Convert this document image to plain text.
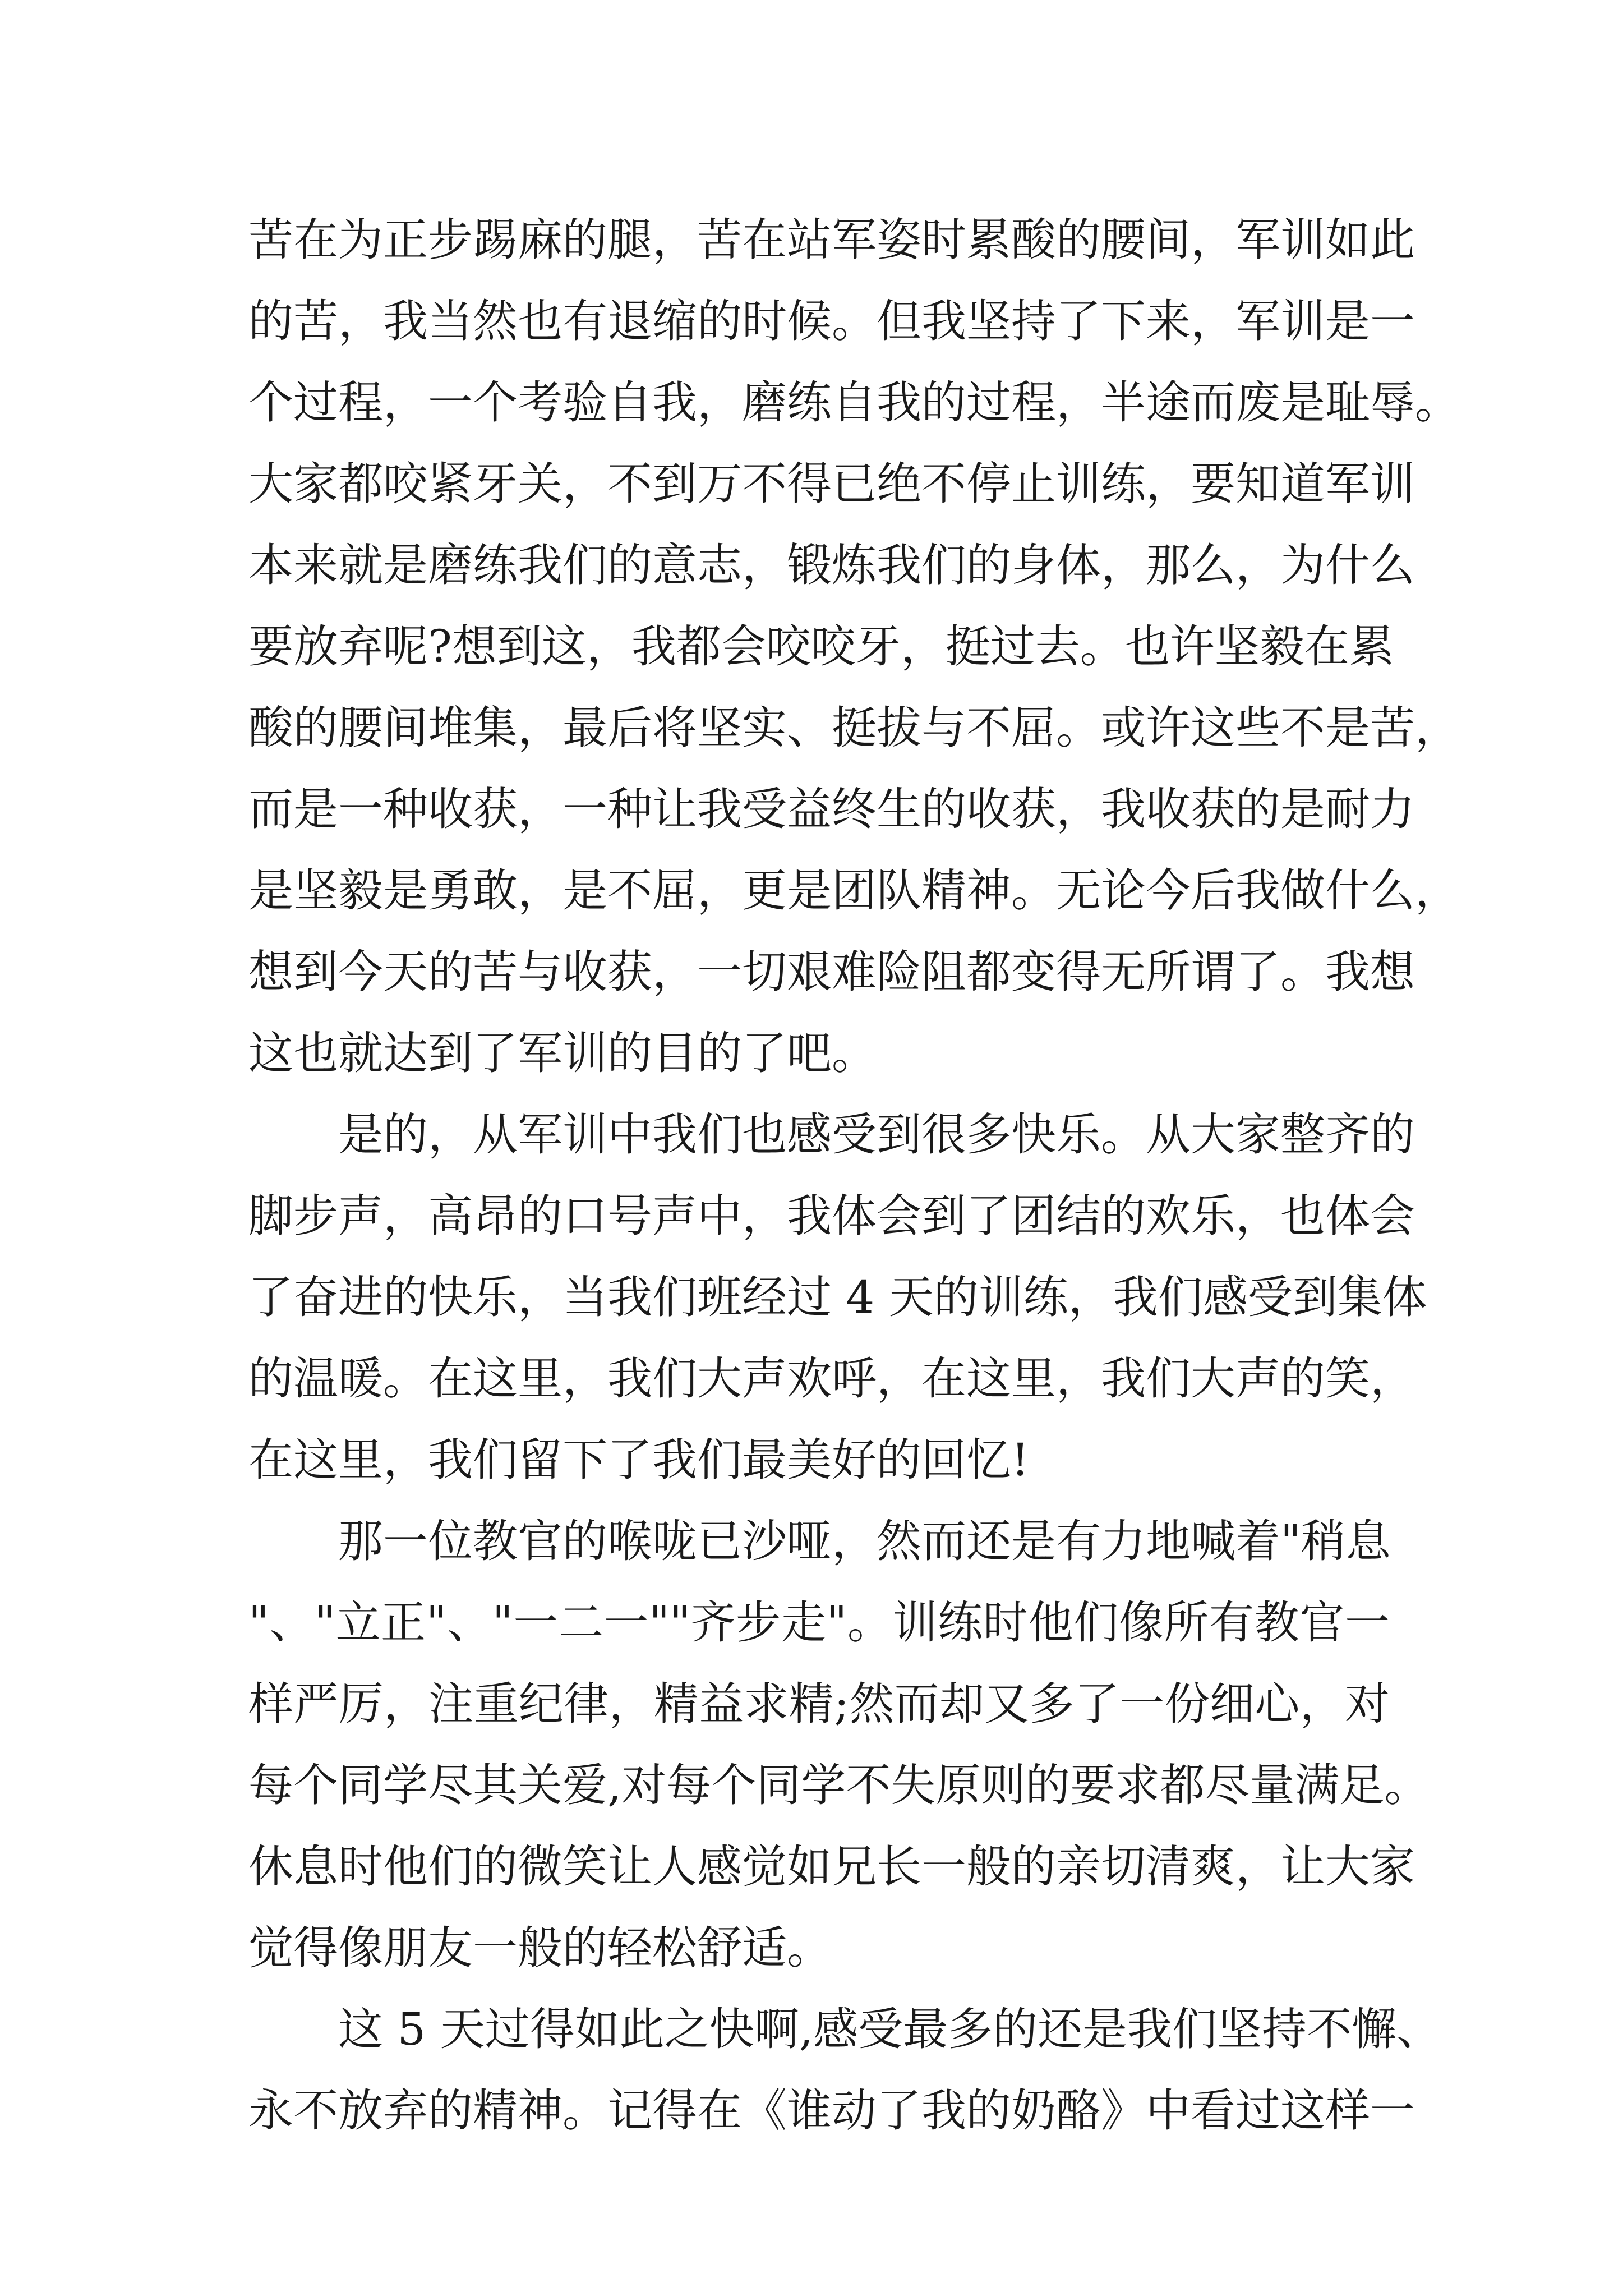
苦在为正步踢麻的腿，苦在站军姿时累酸的腰间，军训如此
的苦，我当然也有退缩的时候。但我坚持了下来，军训是一
个过程，一个考验自我，磨练自我的过程，半途而废是耻辱。
大家都咬紧牙关，不到万不得已绝不停止训练，要知道军训
本来就是磨练我们的意志，锻炼我们的身体，那么，为什么
要放弃呢?想到这，我都会咬咬牙，挺过去。也许坚毅在累
酸的腰间堆集，最后将坚实、挺拔与不屈。或许这些不是苦，
而是一种收获，一种让我受益终生的收获，我收获的是耐力
是坚毅是勇敢，是不屈，更是团队精神。无论今后我做什么，
想到今天的苦与收获，一切艰难险阻都变得无所谓了。我想
这也就达到了军训的目的了吧。
是的，从军训中我们也感受到很多快乐。从大家整齐的
脚步声，高昂的口号声中，我体会到了团结的欢乐，也体会
了奋进的快乐，当我们班经过 4 天的训练，我们感受到集体
的温暖。在这里，我们大声欢呼，在这里，我们大声的笑，
在这里，我们留下了我们最美好的回忆!
那一位教官的喉咙已沙哑，然而还是有力地喊着"稍息
"、"立正"、"一二一""齐步走"。训练时他们像所有教官一
样严厉，注重纪律，精益求精;然而却又多了一份细心，对
每个同学尽其关爱,对每个同学不失原则的要求都尽量满足。
休息时他们的微笑让人感觉如兄长一般的亲切清爽，让大家
觉得像朋友一般的轻松舒适。
这 5 天过得如此之快啊,感受最多的还是我们坚持不懈、
永不放弃的精神。记得在《谁动了我的奶酪》中看过这样一
